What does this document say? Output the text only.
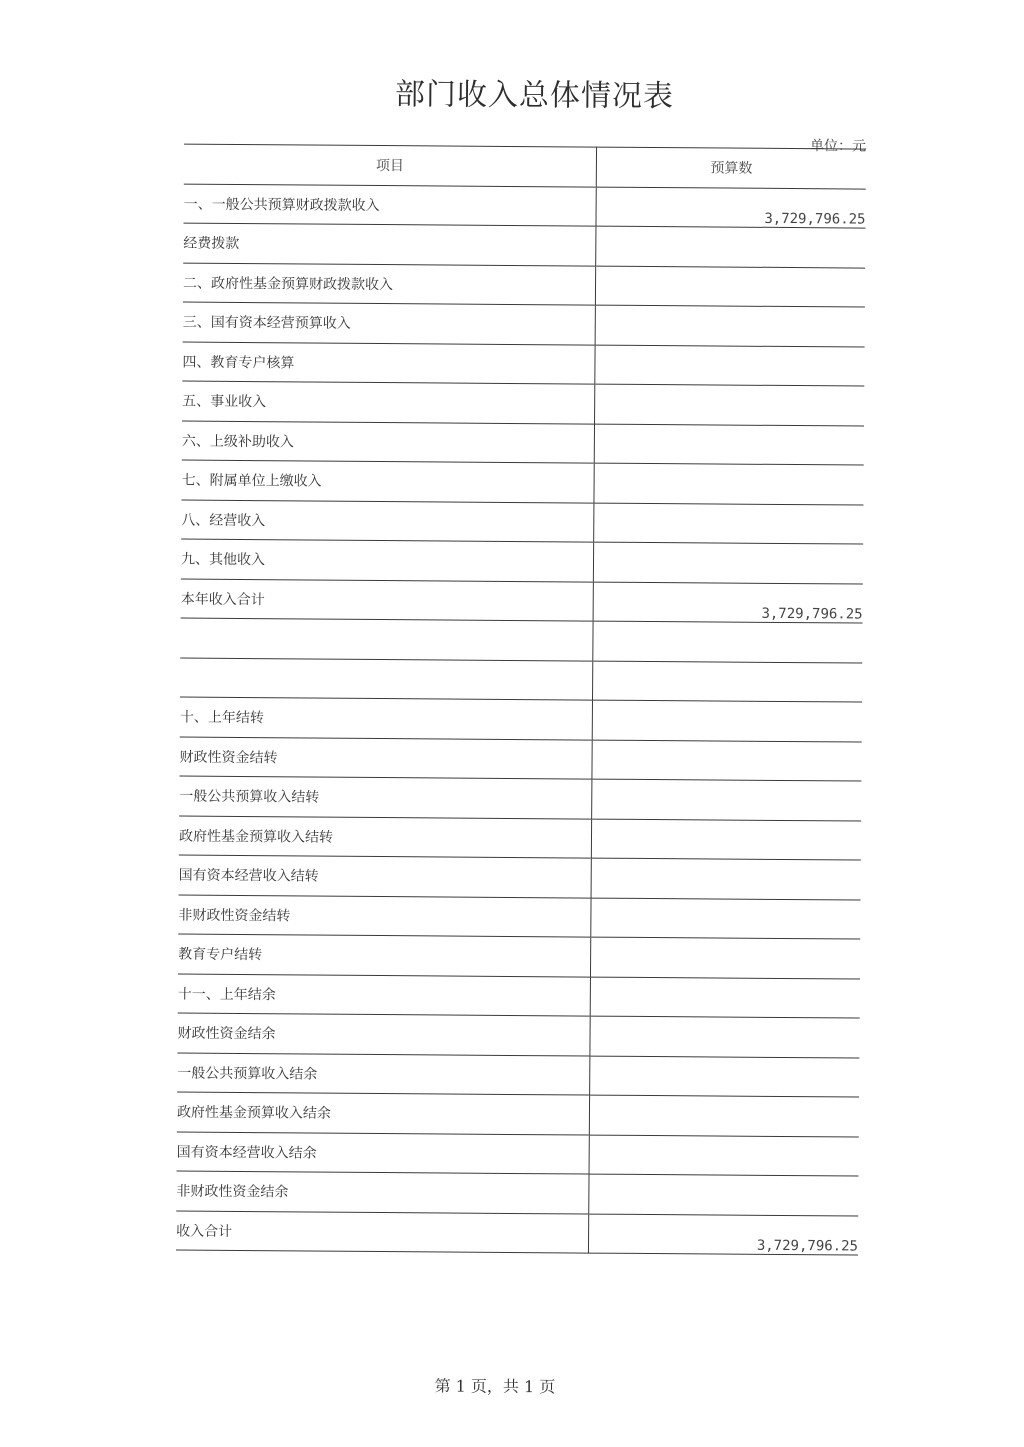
部门收入总体情况表
单位：元
项目	预算数
一、一般公共预算财政拨款收入	3,729,796.25
经费拨款	
二、政府性基金预算财政拨款收入	
三、国有资本经营预算收入	
四、教育专户核算	
五、事业收入	
六、上级补助收入	
七、附属单位上缴收入	
八、经营收入	
九、其他收入	
本年收入合计	3,729,796.25

十、上年结转	
财政性资金结转	
一般公共预算收入结转	
政府性基金预算收入结转	
国有资本经营收入结转	
非财政性资金结转	
教育专户结转	
十一、上年结余	
财政性资金结余	
一般公共预算收入结余	
政府性基金预算收入结余	
国有资本经营收入结余	
非财政性资金结余	
收入合计	3,729,796.25
第 1 页，共 1 页
